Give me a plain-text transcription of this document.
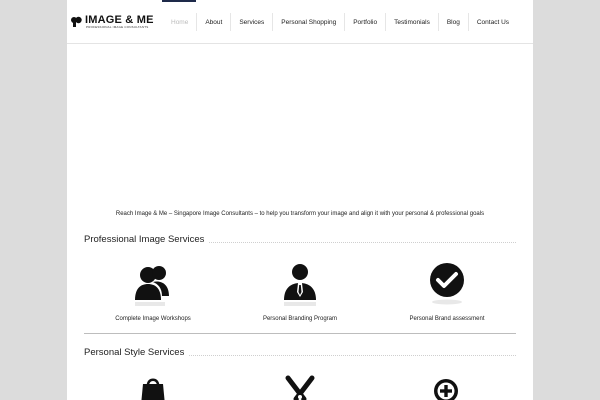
IMAGE & ME
PROFESSIONAL IMAGE CONSULTANTS
Home	About	Services	Personal Shopping	Portfolio	Testimonials	Blog	Contact Us
Reach Image & Me – Singapore Image Consultants – to help you transform your image and align it with your personal & professional goals
Professional Image Services
Complete Image Workshops	Personal Branding Program	Personal Brand assessment
Personal Style Services
